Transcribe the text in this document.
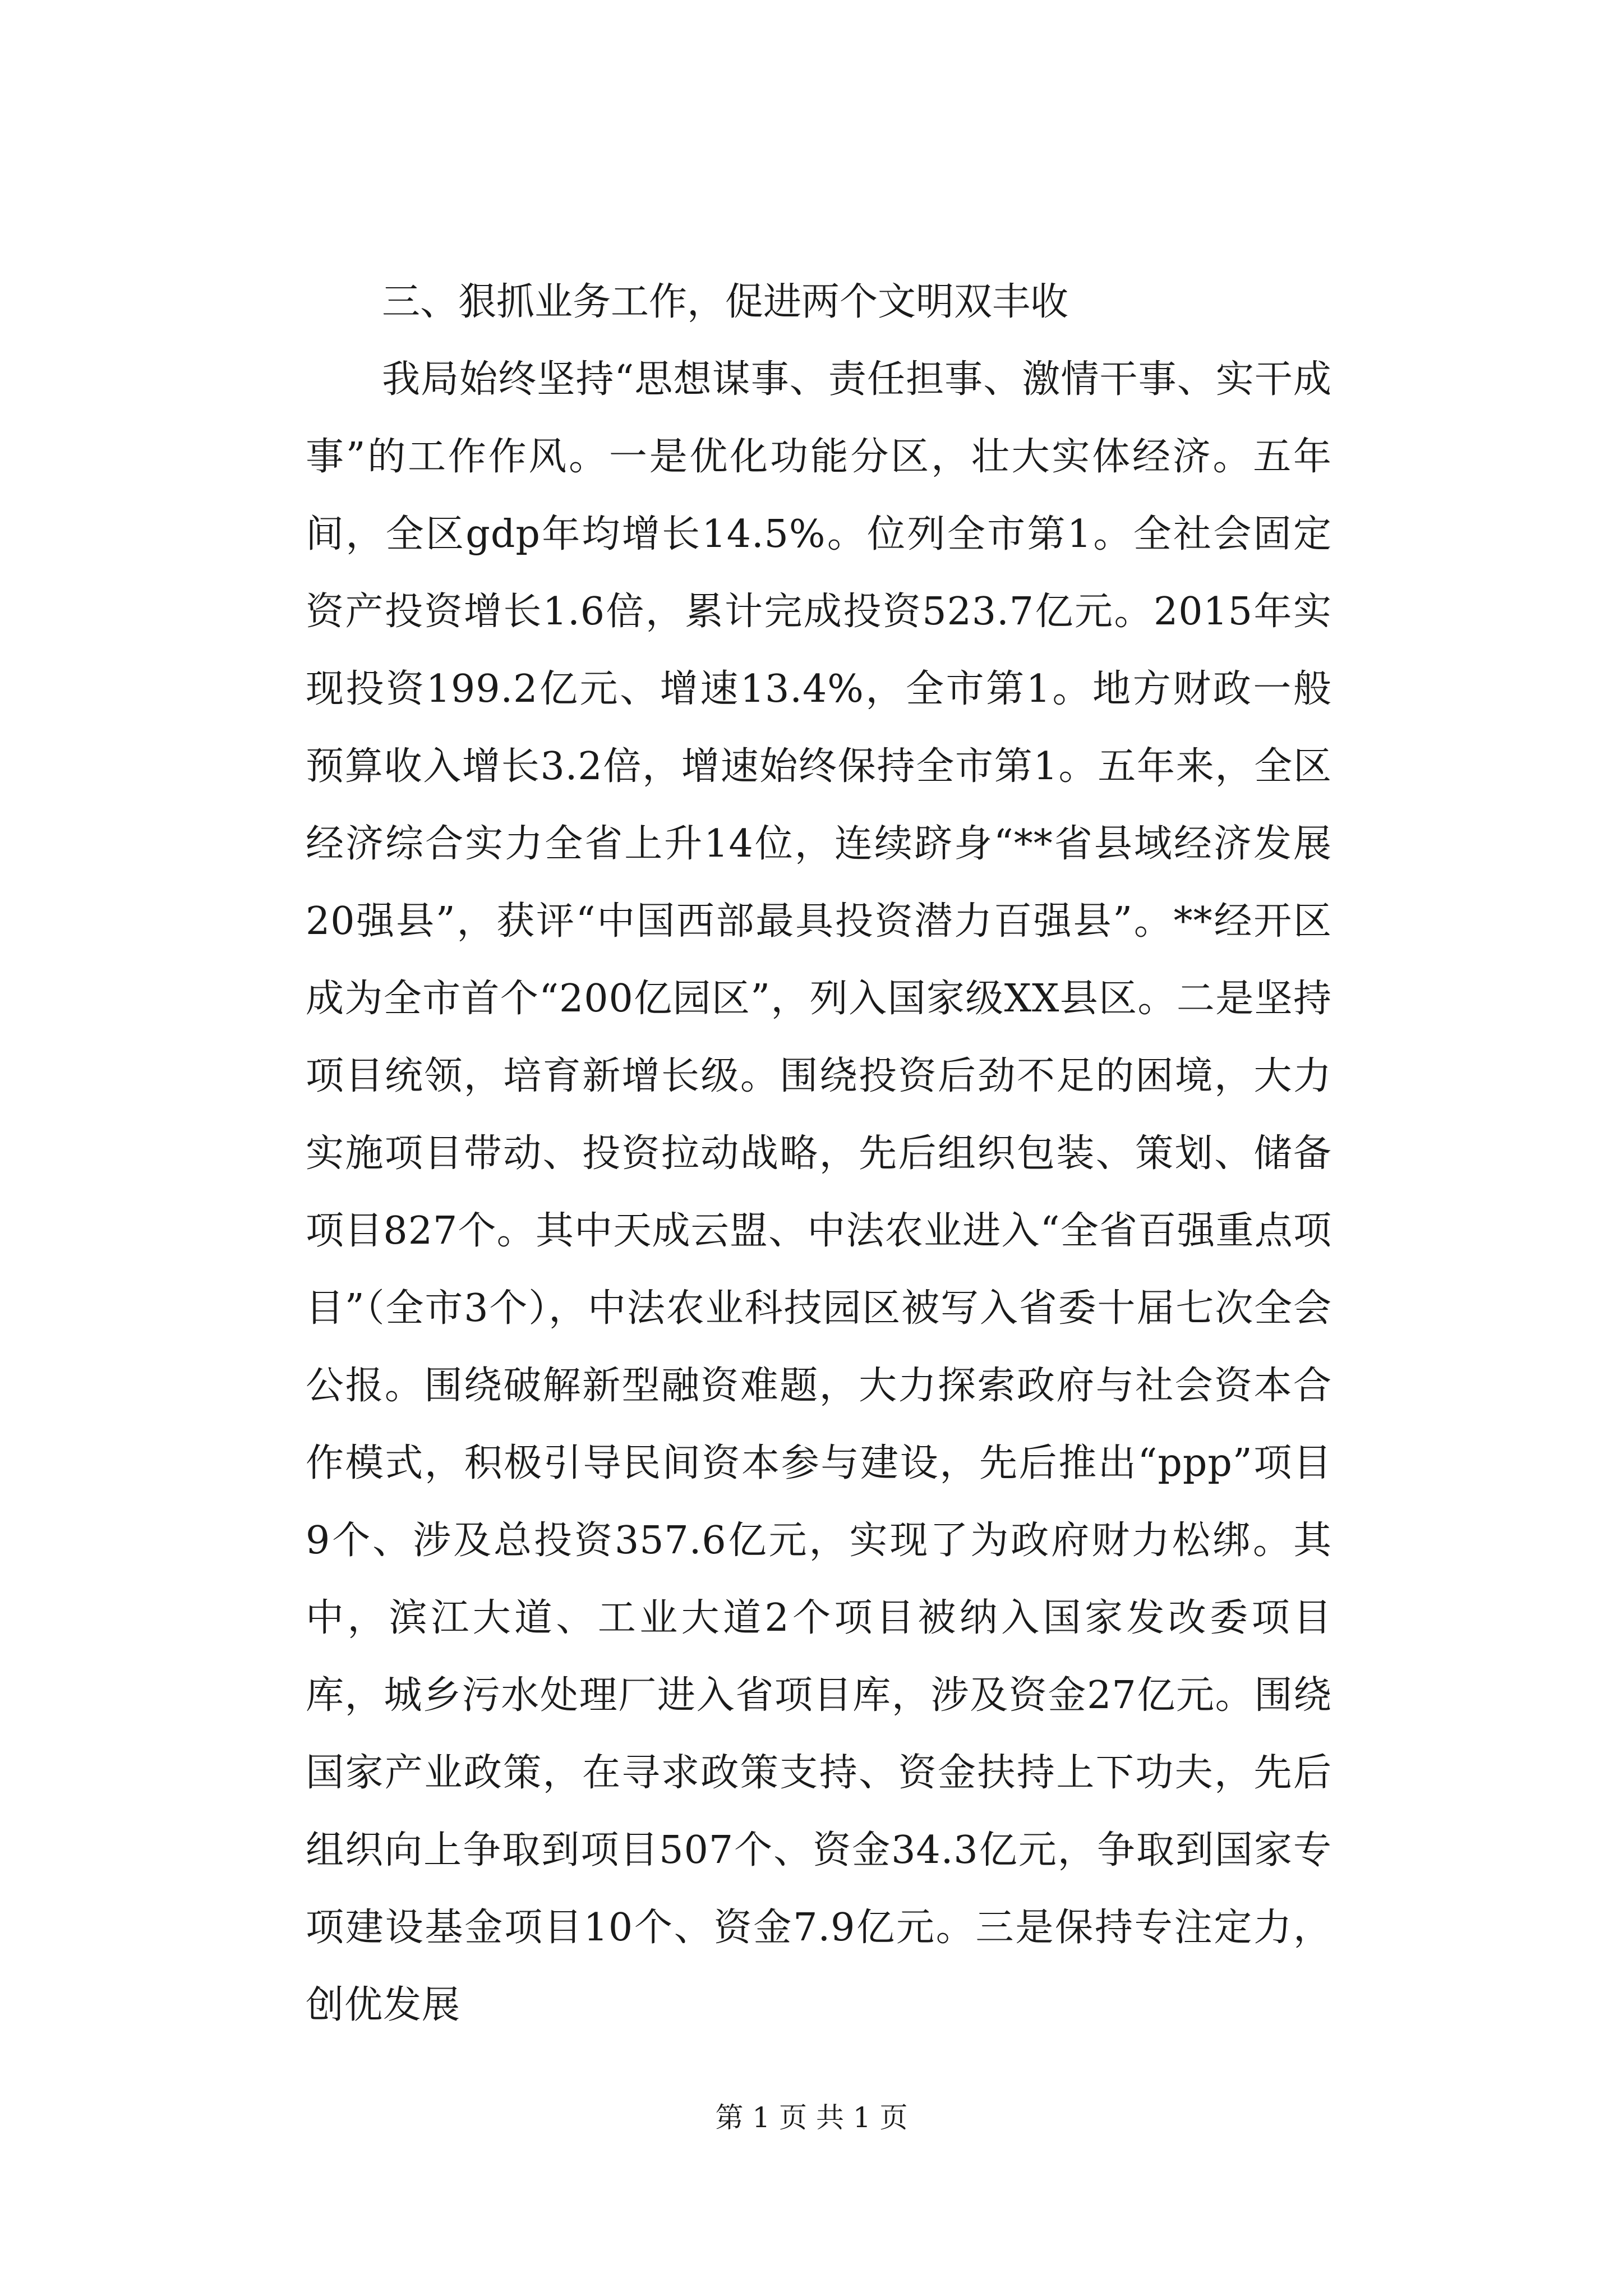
三、狠抓业务工作，促进两个文明双丰收

我局始终坚持“思想谋事、责任担事、激情干事、实干成事”的工作作风。一是优化功能分区，壮大实体经济。五年间，全区gdp年均增长14.5%。位列全市第1。全社会固定资产投资增长1.6倍，累计完成投资523.7亿元。2015年实现投资199.2亿元、增速13.4%，全市第1。地方财政一般预算收入增长3.2倍，增速始终保持全市第1。五年来，全区经济综合实力全省上升14位，连续跻身“**省县域经济发展20强县”，获评“中国西部最具投资潜力百强县”。**经开区成为全市首个“200亿园区”，列入国家级XX县区。二是坚持项目统领，培育新增长级。围绕投资后劲不足的困境，大力实施项目带动、投资拉动战略，先后组织包装、策划、储备项目827个。其中天成云盟、中法农业进入“全省百强重点项目”（全市3个），中法农业科技园区被写入省委十届七次全会公报。围绕破解新型融资难题，大力探索政府与社会资本合作模式，积极引导民间资本参与建设，先后推出“ppp”项目9个、涉及总投资357.6亿元，实现了为政府财力松绑。其中，滨江大道、工业大道2个项目被纳入国家发改委项目库，城乡污水处理厂进入省项目库，涉及资金27亿元。围绕国家产业政策，在寻求政策支持、资金扶持上下功夫，先后组织向上争取到项目507个、资金34.3亿元，争取到国家专项建设基金项目10个、资金7.9亿元。三是保持专注定力，创优发展

第 1 页 共 1 页
